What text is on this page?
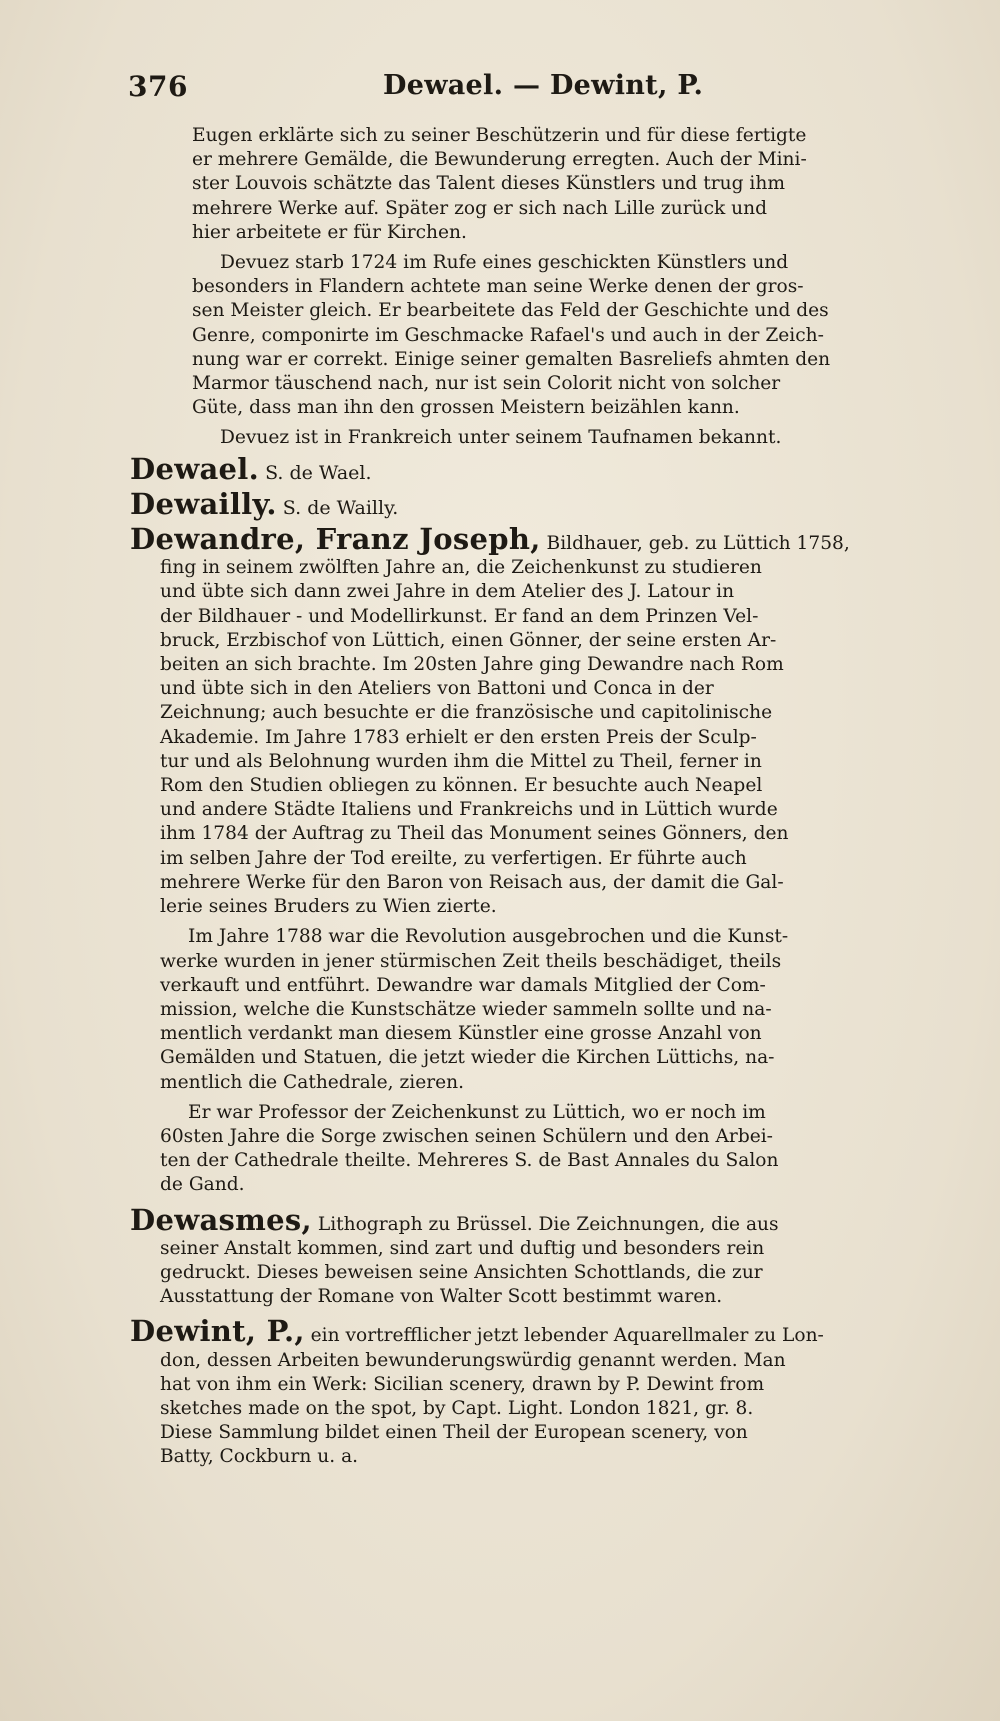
376	Dewael. — Dewint, P.
Eugen erklärte sich zu seiner Beschützerin und für diese fertigte
er mehrere Gemälde, die Bewunderung erregten. Auch der Mini-
ster Louvois schätzte das Talent dieses Künstlers und trug ihm
mehrere Werke auf. Später zog er sich nach Lille zurück und
hier arbeitete er für Kirchen.
Devuez starb 1724 im Rufe eines geschickten Künstlers und
besonders in Flandern achtete man seine Werke denen der gros-
sen Meister gleich. Er bearbeitete das Feld der Geschichte und des
Genre, componirte im Geschmacke Rafael's und auch in der Zeich-
nung war er correkt. Einige seiner gemalten Basreliefs ahmten den
Marmor täuschend nach, nur ist sein Colorit nicht von solcher
Güte, dass man ihn den grossen Meistern beizählen kann.
Devuez ist in Frankreich unter seinem Taufnamen bekannt.
Dewael. S. de Wael.
Dewailly. S. de Wailly.
Dewandre, Franz Joseph, Bildhauer, geb. zu Lüttich 1758,
fing in seinem zwölften Jahre an, die Zeichenkunst zu studieren
und übte sich dann zwei Jahre in dem Atelier des J. Latour in
der Bildhauer - und Modellirkunst. Er fand an dem Prinzen Vel-
bruck, Erzbischof von Lüttich, einen Gönner, der seine ersten Ar-
beiten an sich brachte. Im 20sten Jahre ging Dewandre nach Rom
und übte sich in den Ateliers von Battoni und Conca in der
Zeichnung; auch besuchte er die französische und capitolinische
Akademie. Im Jahre 1783 erhielt er den ersten Preis der Sculp-
tur und als Belohnung wurden ihm die Mittel zu Theil, ferner in
Rom den Studien obliegen zu können. Er besuchte auch Neapel
und andere Städte Italiens und Frankreichs und in Lüttich wurde
ihm 1784 der Auftrag zu Theil das Monument seines Gönners, den
im selben Jahre der Tod ereilte, zu verfertigen. Er führte auch
mehrere Werke für den Baron von Reisach aus, der damit die Gal-
lerie seines Bruders zu Wien zierte.
Im Jahre 1788 war die Revolution ausgebrochen und die Kunst-
werke wurden in jener stürmischen Zeit theils beschädiget, theils
verkauft und entführt. Dewandre war damals Mitglied der Com-
mission, welche die Kunstschätze wieder sammeln sollte und na-
mentlich verdankt man diesem Künstler eine grosse Anzahl von
Gemälden und Statuen, die jetzt wieder die Kirchen Lüttichs, na-
mentlich die Cathedrale, zieren.
Er war Professor der Zeichenkunst zu Lüttich, wo er noch im
60sten Jahre die Sorge zwischen seinen Schülern und den Arbei-
ten der Cathedrale theilte. Mehreres S. de Bast Annales du Salon
de Gand.
Dewasmes, Lithograph zu Brüssel. Die Zeichnungen, die aus
seiner Anstalt kommen, sind zart und duftig und besonders rein
gedruckt. Dieses beweisen seine Ansichten Schottlands, die zur
Ausstattung der Romane von Walter Scott bestimmt waren.
Dewint, P., ein vortrefflicher jetzt lebender Aquarellmaler zu Lon-
don, dessen Arbeiten bewunderungswürdig genannt werden. Man
hat von ihm ein Werk: Sicilian scenery, drawn by P. Dewint from
sketches made on the spot, by Capt. Light. London 1821, gr. 8.
Diese Sammlung bildet einen Theil der European scenery, von
Batty, Cockburn u. a.
